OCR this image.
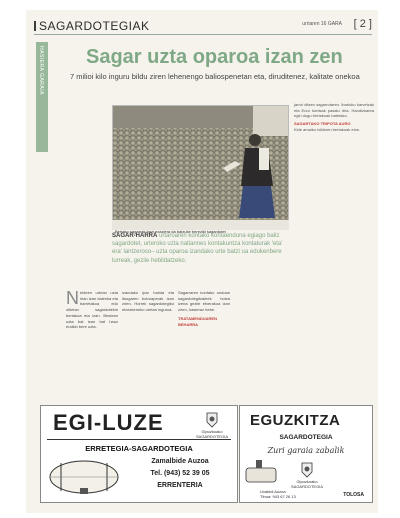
SAGARDOTEGIAK	urriaren 16 GARA [ 2 ]
HASIERA GARAIA Sagar uzta oparoa izan zen
7 milioi kilo inguru bildu ziren lehenengo baliospenetan eta, diruditenez, kalitate onekoa
Bertako sagarrak bazi ezaziera da batzuke bereziki sagardotet
jarrui ditzen sagarrotaren. Ibarluko karvetzak eta Euro kontsak pasatu dira. Handizkarea egin dugu bertakoak batetako.
SAGARTAKO TRIPOTA AURO
Kide amaiko txikitzen bertakoak etxe.
SAGAR-HARRA urtaroaren kontako kontaenduna egiago baliz sagardotet, urteroko uzta natiannes kontakuntza kontaturak 'eta' era' lantzeroso– uzta oparoa izandako urte batzi ua edukenbere lurreak, gezile hebildatzeko.
N eldeen urtean uzta irian izan daienka eta barretakoa edo oitietan sagardotekin bertakoa eta izan. Bestean uzta bat izan bat hauz eraikin bere uzta.
izandako ipar hainta eta itsugaren botoraperak izan ziren. Horrek sagardotegiko etxezkeneko uretan ingurua.
Sagarraren kontako ondoan sagardotegitzaleek hotza izena gezile etxerakoa izan ziren, hasieraz hebe.
TRATAMENDUAREN BEHARRA
EGI-LUZE	Gipuzkoako SAGARDOTEGIA
ERRETEGIA-SAGARDOTEGIA
Zamalbide Auzoa
Tel. (943) 52 39 05
ERRENTERIA
EGUZKITZA
SAGARDOTEGIA
Zuri garaia zabalik
Gipuzkoako SAGARDOTEGIA
Uxabidi Auzoa
Tfnoa: 943 67 26 13	TOLOSA
